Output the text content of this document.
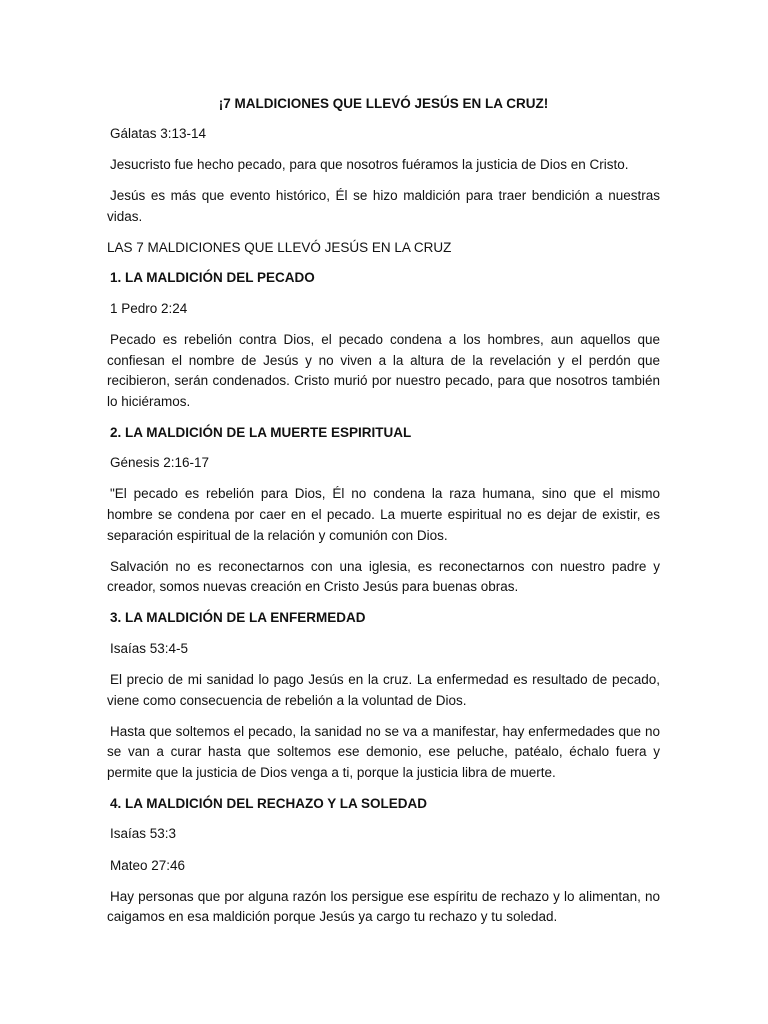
¡7 MALDICIONES QUE LLEVÓ JESÚS EN LA CRUZ!
Gálatas 3:13-14
Jesucristo fue hecho pecado, para que nosotros fuéramos la justicia de Dios en Cristo.
Jesús es más que evento histórico, Él se hizo maldición para traer bendición a nuestras vidas.
LAS 7 MALDICIONES QUE LLEVÓ JESÚS EN LA CRUZ
1. LA MALDICIÓN DEL PECADO
1 Pedro 2:24
Pecado es rebelión contra Dios, el pecado condena a los hombres, aun aquellos que confiesan el nombre de Jesús y no viven a la altura de la revelación y el perdón que recibieron, serán condenados. Cristo murió por nuestro pecado, para que nosotros también lo hiciéramos.
2. LA MALDICIÓN DE LA MUERTE ESPIRITUAL
Génesis 2:16-17
"El pecado es rebelión para Dios, Él no condena la raza humana, sino que el mismo hombre se condena por caer en el pecado. La muerte espiritual no es dejar de existir, es separación espiritual de la relación y comunión con Dios.
Salvación no es reconectarnos con una iglesia, es reconectarnos con nuestro padre y creador, somos nuevas creación en Cristo Jesús para buenas obras.
3. LA MALDICIÓN DE LA ENFERMEDAD
Isaías 53:4-5
El precio de mi sanidad lo pago Jesús en la cruz. La enfermedad es resultado de pecado, viene como consecuencia de rebelión a la voluntad de Dios.
Hasta que soltemos el pecado, la sanidad no se va a manifestar, hay enfermedades que no se van a curar hasta que soltemos ese demonio, ese peluche, patéalo, échalo fuera y permite que la justicia de Dios venga a ti, porque la justicia libra de muerte.
4. LA MALDICIÓN DEL RECHAZO Y LA SOLEDAD
Isaías 53:3
Mateo 27:46
Hay personas que por alguna razón los persigue ese espíritu de rechazo y lo alimentan, no caigamos en esa maldición porque Jesús ya cargo tu rechazo y tu soledad.
